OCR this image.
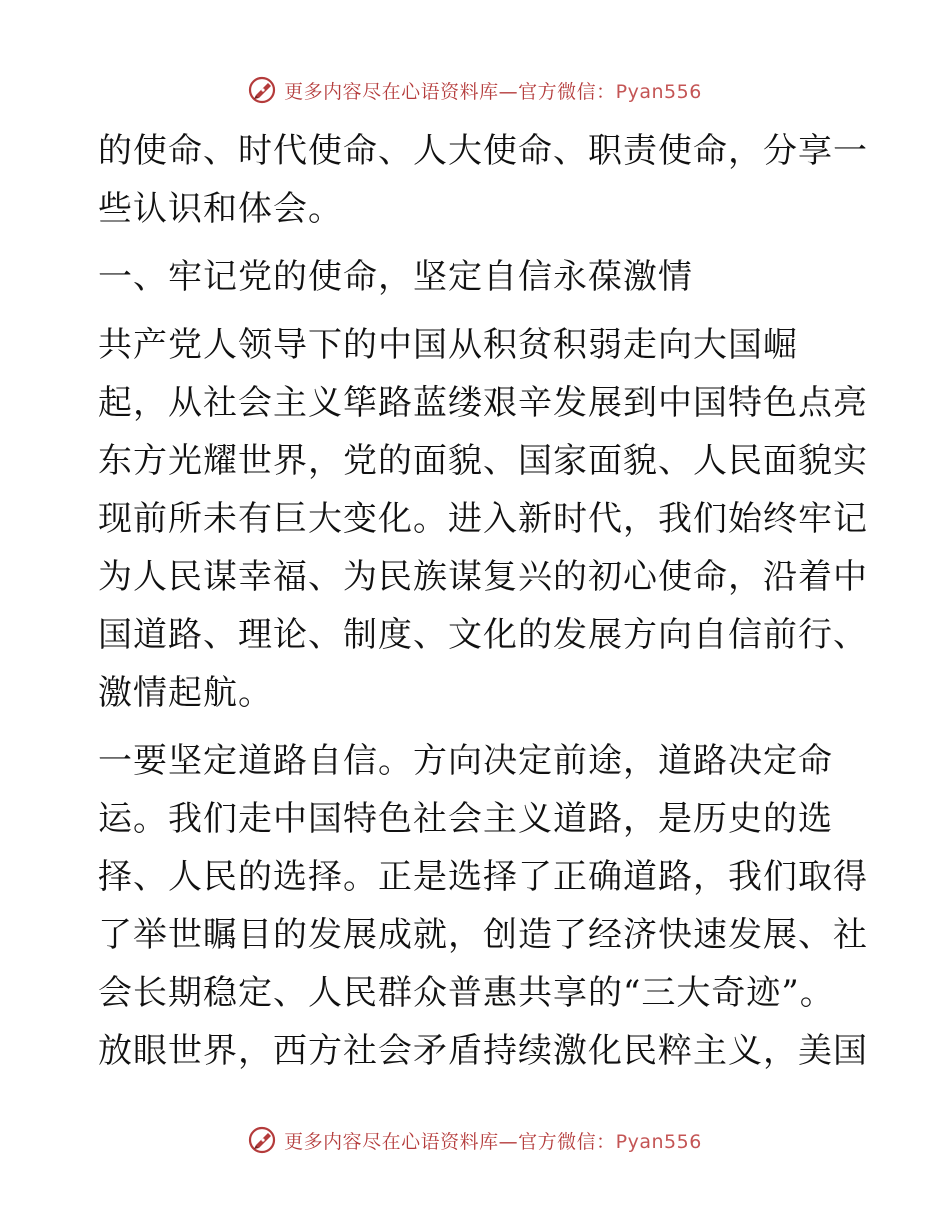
更多内容尽在心语资料库—官方微信：Pyan556
的使命、时代使命、人大使命、职责使命，分享一
些认识和体会。
一、牢记党的使命，坚定自信永葆激情
共产党人领导下的中国从积贫积弱走向大国崛
起，从社会主义筚路蓝缕艰辛发展到中国特色点亮
东方光耀世界，党的面貌、国家面貌、人民面貌实
现前所未有巨大变化。进入新时代，我们始终牢记
为人民谋幸福、为民族谋复兴的初心使命，沿着中
国道路、理论、制度、文化的发展方向自信前行、
激情起航。
一要坚定道路自信。方向决定前途，道路决定命
运。我们走中国特色社会主义道路，是历史的选
择、人民的选择。正是选择了正确道路，我们取得
了举世瞩目的发展成就，创造了经济快速发展、社
会长期稳定、人民群众普惠共享的“三大奇迹”。
放眼世界，西方社会矛盾持续激化民粹主义，美国
更多内容尽在心语资料库—官方微信：Pyan556
